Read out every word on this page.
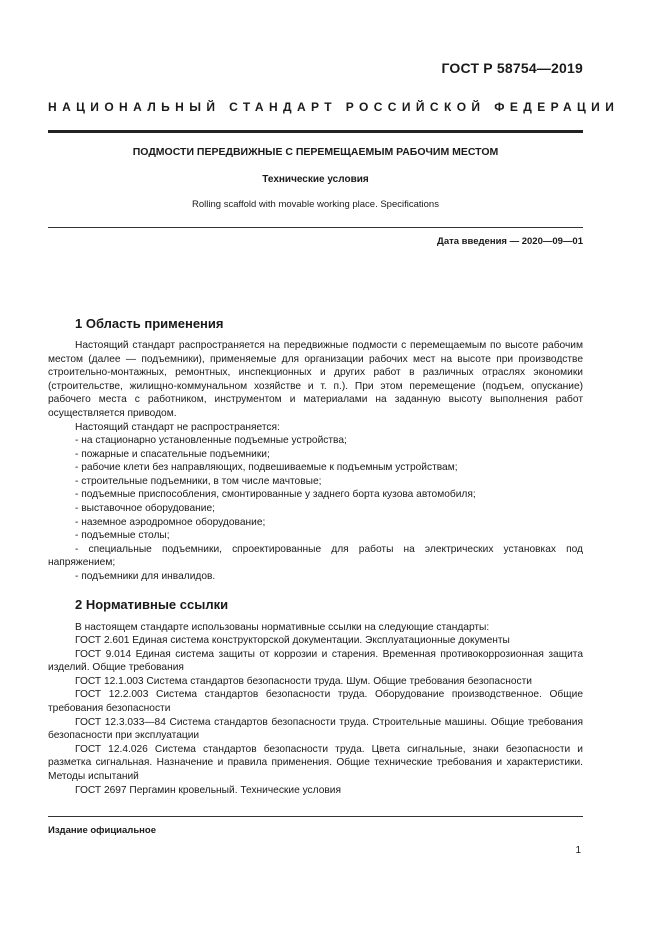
ГОСТ Р 58754—2019
НАЦИОНАЛЬНЫЙ СТАНДАРТ РОССИЙСКОЙ ФЕДЕРАЦИИ
ПОДМОСТИ ПЕРЕДВИЖНЫЕ С ПЕРЕМЕЩАЕМЫМ РАБОЧИМ МЕСТОМ
Технические условия
Rolling scaffold with movable working place. Specifications
Дата введения — 2020—09—01
1 Область применения

Настоящий стандарт распространяется на передвижные подмости с перемещаемым по высоте рабочим местом (далее — подъемники), применяемые для организации рабочих мест на высоте при производстве строительно-монтажных, ремонтных, инспекционных и других работ в различных отраслях экономики (строительстве, жилищно-коммунальном хозяйстве и т. п.). При этом перемещение (подъем, опускание) рабочего места с работником, инструментом и материалами на заданную высоту выполнения работ осуществляется приводом.

Настоящий стандарт не распространяется:

- на стационарно установленные подъемные устройства;
- пожарные и спасательные подъемники;
- рабочие клети без направляющих, подвешиваемые к подъемным устройствам;
- строительные подъемники, в том числе мачтовые;
- подъемные приспособления, смонтированные у заднего борта кузова автомобиля;
- выставочное оборудование;
- наземное аэродромное оборудование;
- подъемные столы;
- специальные подъемники, спроектированные для работы на электрических установках под напряжением;
- подъемники для инвалидов.
2 Нормативные ссылки

В настоящем стандарте использованы нормативные ссылки на следующие стандарты:

ГОСТ 2.601 Единая система конструкторской документации. Эксплуатационные документы
ГОСТ 9.014 Единая система защиты от коррозии и старения. Временная противокоррозионная защита изделий. Общие требования
ГОСТ 12.1.003 Система стандартов безопасности труда. Шум. Общие требования безопасности
ГОСТ 12.2.003 Система стандартов безопасности труда. Оборудование производственное. Общие требования безопасности
ГОСТ 12.3.033—84 Система стандартов безопасности труда. Строительные машины. Общие требования безопасности при эксплуатации
ГОСТ 12.4.026 Система стандартов безопасности труда. Цвета сигнальные, знаки безопасности и разметка сигнальная. Назначение и правила применения. Общие технические требования и характеристики. Методы испытаний
ГОСТ 2697 Пергамин кровельный. Технические условия
Издание официальное
1
